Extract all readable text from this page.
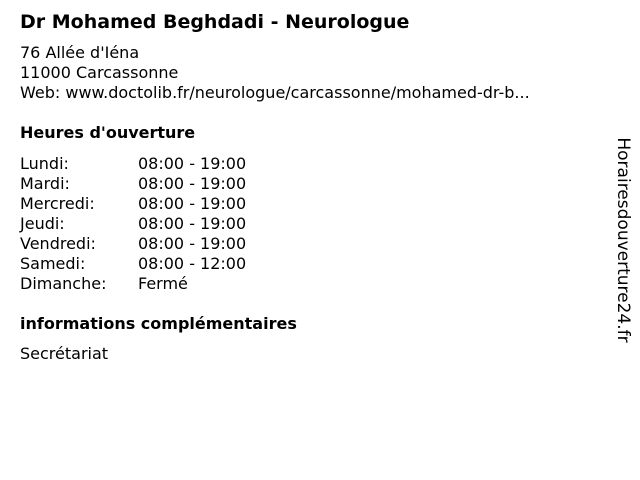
Dr Mohamed Beghdadi - Neurologue
76 Allée d'Iéna
11000 Carcassonne
Web: www.doctolib.fr/neurologue/carcassonne/mohamed-dr-b...
Heures d'ouverture
Lundi:	08:00 - 19:00
Mardi:	08:00 - 19:00
Mercredi:	08:00 - 19:00
Jeudi:	08:00 - 19:00
Vendredi:	08:00 - 19:00
Samedi:	08:00 - 12:00
Dimanche:	Fermé
informations complémentaires
Secrétariat
Horairesdouverture24.fr
